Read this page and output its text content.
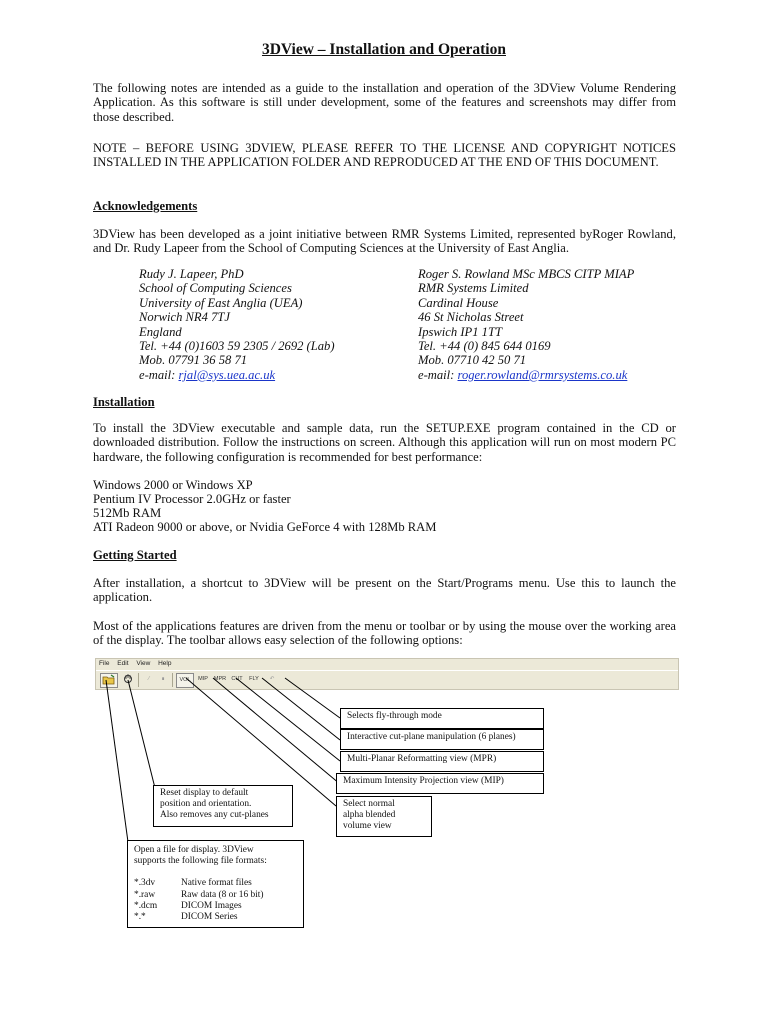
3DView – Installation and Operation
The following notes are intended as a guide to the installation and operation of the 3DView Volume Rendering Application. As this software is still under development, some of the features and screenshots may differ from those described.
NOTE – BEFORE USING 3DVIEW, PLEASE REFER TO THE LICENSE AND COPYRIGHT NOTICES INSTALLED IN THE APPLICATION FOLDER AND REPRODUCED AT THE END OF THIS DOCUMENT.
Acknowledgements
3DView has been developed as a joint initiative between RMR Systems Limited, represented byRoger Rowland, and Dr. Rudy Lapeer from the School of Computing Sciences at the University of East Anglia.
Rudy J. Lapeer, PhD
School of Computing Sciences
University of East Anglia (UEA)
Norwich NR4 7TJ
England
Tel. +44 (0)1603 59 2305 / 2692 (Lab)
Mob. 07791 36 58 71
e-mail: rjal@sys.uea.ac.uk
Roger S. Rowland MSc MBCS CITP MIAP
RMR Systems Limited
Cardinal House
46 St Nicholas Street
Ipswich IP1 1TT
Tel. +44 (0) 845 644 0169
Mob. 07710 42 50 71
e-mail: roger.rowland@rmrsystems.co.uk
Installation
To install the 3DView executable and sample data, run the SETUP.EXE program contained in the CD or downloaded distribution. Follow the instructions on screen. Although this application will run on most modern PC hardware, the following configuration is recommended for best performance:
Windows 2000 or Windows XP
Pentium IV Processor 2.0GHz or faster
512Mb RAM
ATI Radeon 9000 or above, or Nvidia GeForce 4 with 128Mb RAM
Getting Started
After installation, a shortcut to 3DView will be present on the Start/Programs menu. Use this to launch the application.
Most of the applications features are driven from the menu or toolbar or by using the mouse over the working area of the display. The toolbar allows easy selection of the following options:
File Edit View Help
⁄	∎	VOL	MIP	MPR CUT	FLY	↶
Selects fly-through mode
Interactive cut-plane manipulation (6 planes)
Multi-Planar Reformatting view (MPR)
Maximum Intensity Projection view (MIP)
Select normal
alpha blended
volume view
Reset display to default
position and orientation.
Also removes any cut-planes
Open a file for display. 3DView
supports the following file formats:
*.3dv	Native format files
*.raw	Raw data (8 or 16 bit)
*.dcm	DICOM Images
*.*	DICOM Series
